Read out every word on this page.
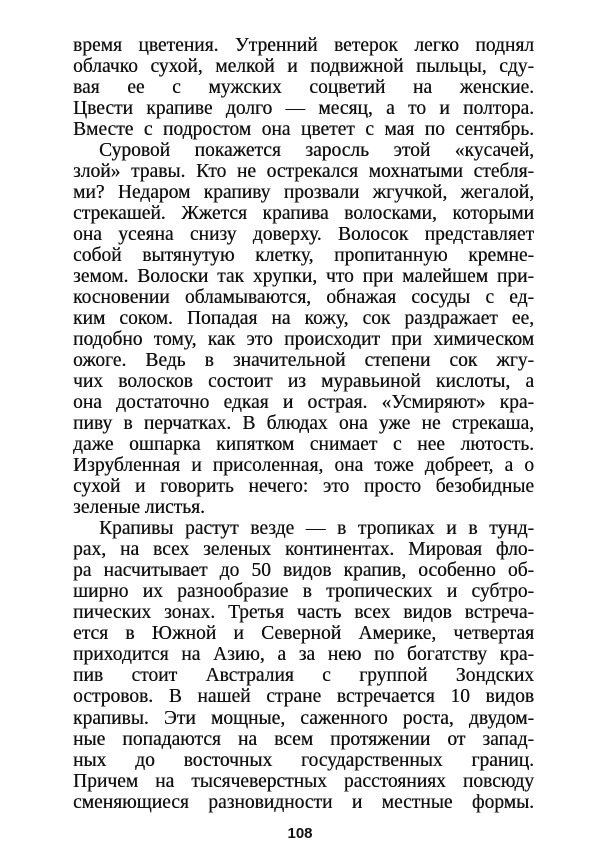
время цветения. Утренний ветерок легко поднял
облачко сухой, мелкой и подвижной пыльцы, сду-
вая ее с мужских соцветий на женские.
Цвести крапиве долго — месяц, а то и полтора.
Вместе с подростом она цветет с мая по сентябрь.
Суровой покажется заросль этой «кусачей,
злой» травы. Кто не острекался мохнатыми стебля-
ми? Недаром крапиву прозвали жгучкой, жегалой,
стрекашей. Жжется крапива волосками, которыми
она усеяна снизу доверху. Волосок представляет
собой вытянутую клетку, пропитанную кремне-
земом. Волоски так хрупки, что при малейшем при-
косновении обламываются, обнажая сосуды с ед-
ким соком. Попадая на кожу, сок раздражает ее,
подобно тому, как это происходит при химическом
ожоге. Ведь в значительной степени сок жгу-
чих волосков состоит из муравьиной кислоты, а
она достаточно едкая и острая. «Усмиряют» кра-
пиву в перчатках. В блюдах она уже не стрекаша,
даже ошпарка кипятком снимает с нее лютость.
Изрубленная и присоленная, она тоже добреет, а о
сухой и говорить нечего: это просто безобидные
зеленые листья.
Крапивы растут везде — в тропиках и в тунд-
рах, на всех зеленых континентах. Мировая фло-
ра насчитывает до 50 видов крапив, особенно об-
ширно их разнообразие в тропических и субтро-
пических зонах. Третья часть всех видов встреча-
ется в Южной и Северной Америке, четвертая
приходится на Азию, а за нею по богатству кра-
пив стоит Австралия с группой Зондских
островов. В нашей стране встречается 10 видов
крапивы. Эти мощные, саженного роста, двудом-
ные попадаются на всем протяжении от запад-
ных до восточных государственных границ.
Причем на тысячеверстных расстояниях повсюду
сменяющиеся разновидности и местные формы.
108
